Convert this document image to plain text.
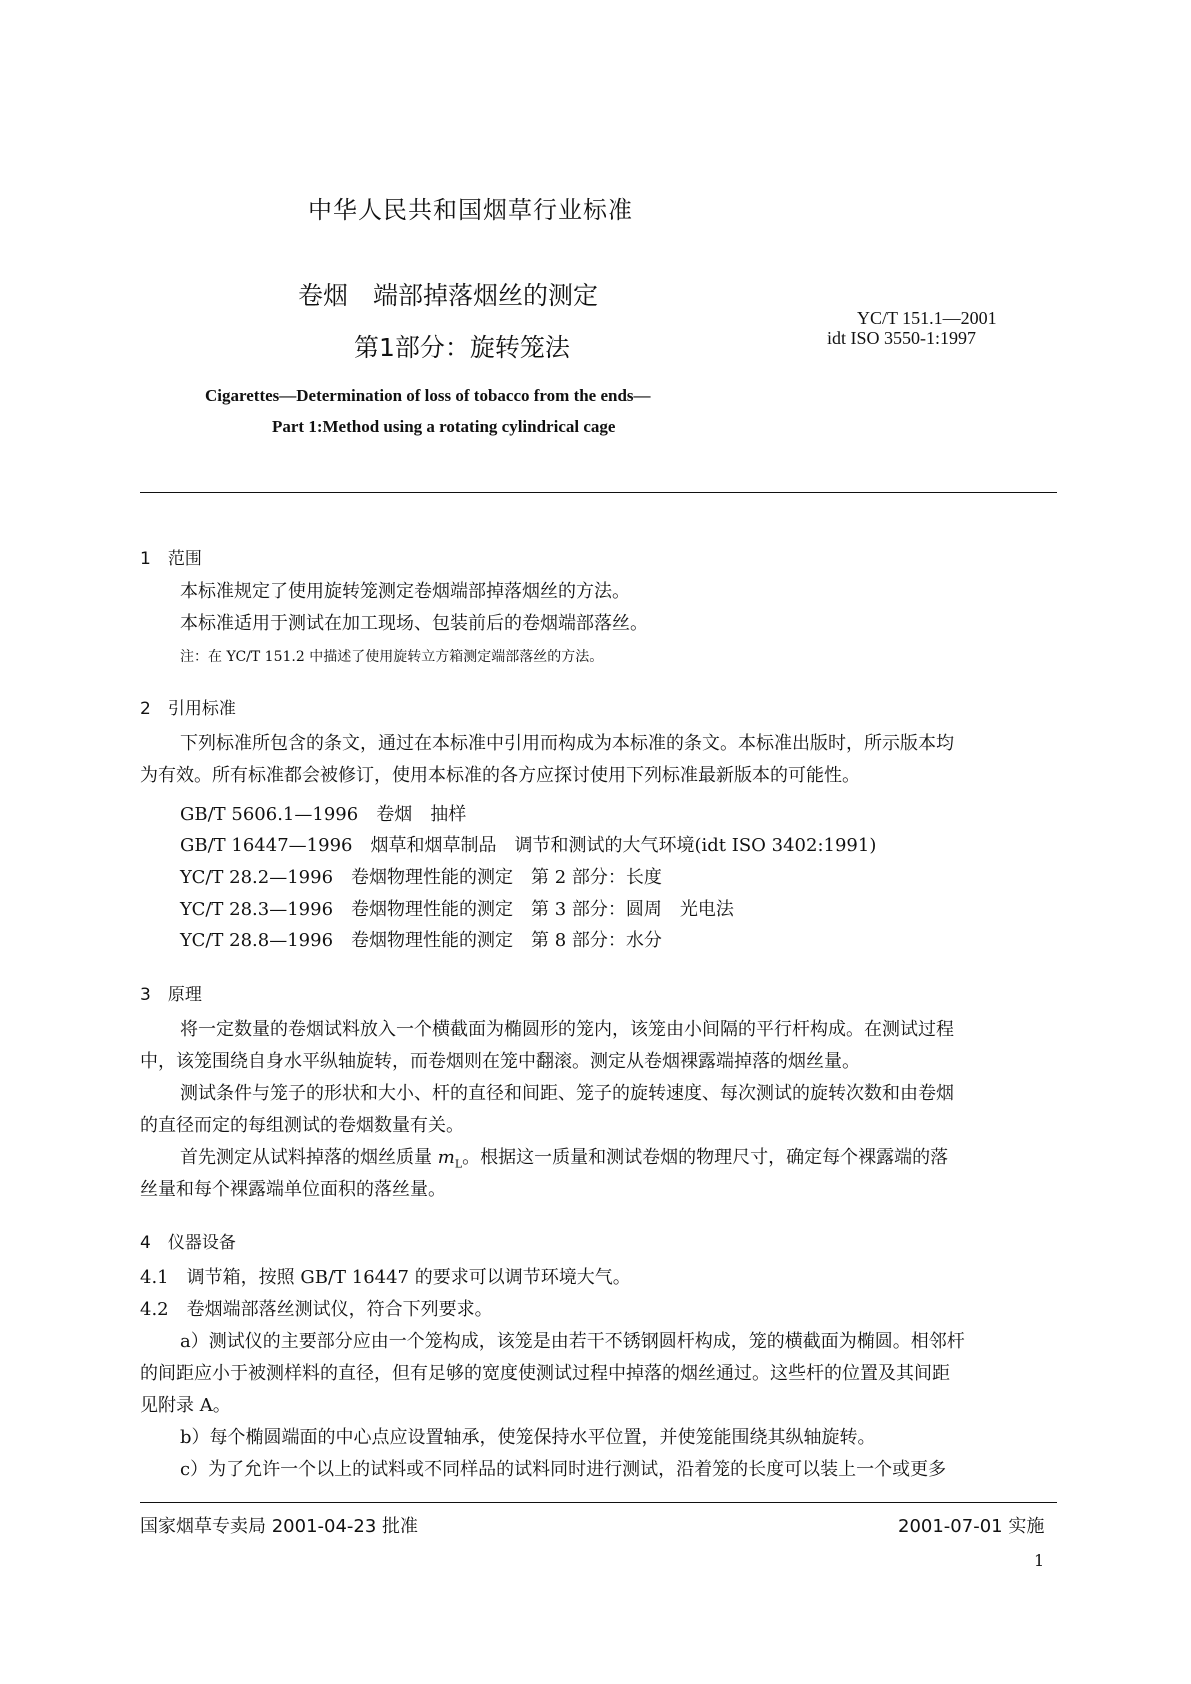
中华人民共和国烟草行业标准
卷烟　端部掉落烟丝的测定
第1部分：旋转笼法
YC/T 151.1—2001
idt ISO 3550-1:1997
Cigarettes—Determination of loss of tobacco from the ends—
Part 1:Method using a rotating cylindrical cage
1　范围
本标准规定了使用旋转笼测定卷烟端部掉落烟丝的方法。
本标准适用于测试在加工现场、包装前后的卷烟端部落丝。
注：在 YC/T 151.2 中描述了使用旋转立方箱测定端部落丝的方法。
2　引用标准
下列标准所包含的条文，通过在本标准中引用而构成为本标准的条文。本标准出版时，所示版本均
为有效。所有标准都会被修订，使用本标准的各方应探讨使用下列标准最新版本的可能性。
GB/T 5606.1—1996　卷烟　抽样
GB/T 16447—1996　烟草和烟草制品　调节和测试的大气环境(idt ISO 3402:1991)
YC/T 28.2—1996　卷烟物理性能的测定　第 2 部分：长度
YC/T 28.3—1996　卷烟物理性能的测定　第 3 部分：圆周　光电法
YC/T 28.8—1996　卷烟物理性能的测定　第 8 部分：水分
3　原理
将一定数量的卷烟试料放入一个横截面为椭圆形的笼内，该笼由小间隔的平行杆构成。在测试过程
中，该笼围绕自身水平纵轴旋转，而卷烟则在笼中翻滚。测定从卷烟裸露端掉落的烟丝量。
测试条件与笼子的形状和大小、杆的直径和间距、笼子的旋转速度、每次测试的旋转次数和由卷烟
的直径而定的每组测试的卷烟数量有关。
首先测定从试料掉落的烟丝质量 $m_L$。根据这一质量和测试卷烟的物理尺寸，确定每个裸露端的落
丝量和每个裸露端单位面积的落丝量。
4　仪器设备
4.1　调节箱，按照 GB/T 16447 的要求可以调节环境大气。
4.2　卷烟端部落丝测试仪，符合下列要求。
a）测试仪的主要部分应由一个笼构成，该笼是由若干不锈钢圆杆构成，笼的横截面为椭圆。相邻杆
的间距应小于被测样料的直径，但有足够的宽度使测试过程中掉落的烟丝通过。这些杆的位置及其间距
见附录 A。
b）每个椭圆端面的中心点应设置轴承，使笼保持水平位置，并使笼能围绕其纵轴旋转。
c）为了允许一个以上的试料或不同样品的试料同时进行测试，沿着笼的长度可以装上一个或更多
国家烟草专卖局 2001-04-23 批准	2001-07-01 实施
1
